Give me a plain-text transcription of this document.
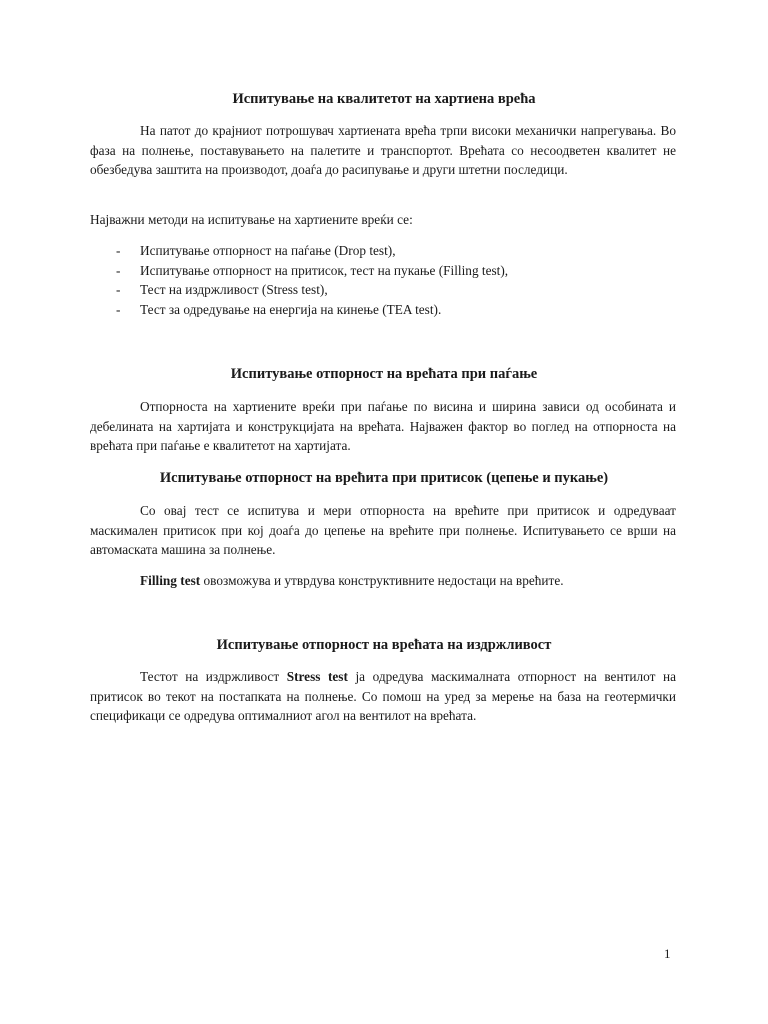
Испитување на квалитетот на хартиена врећа

На патот до крајниот потрошувач хартиената врећа трпи високи механички напрегувања. Во фаза на полнење, поставувањето на палетите и транспортот. Врећата со несоодветен квалитет не обезбедува заштита на производот, доаѓа до расипување и други штетни последици.

Најважни методи на испитување на хартиените вреќи се:

- Испитување отпорност на паѓање (Drop test),
- Испитување отпорност на притисок, тест на пукање (Filling test),
- Тест на издржливост (Stress test),
- Тест за одредување на енергија на кинење (TEA test).
Испитување отпорност на врећата при паѓање

Отпорноста на хартиените вреќи при паѓање по висина и ширина зависи од особината и дебелината на хартијата и конструкцијата на врећата. Најважен фактор во поглед на отпорноста на врећата при паѓање е квалитетот на хартијата.

Испитување отпорност на врећита при притисок (цепење и пукање)

Со овај тест се испитува и мери отпорноста на врећите при притисок и одредуваат маскимален притисок при кој доаѓа до цепење на врећите при полнење. Испитувањето се врши на автомаската машина за полнење.

Filling test овозможува и утврдува конструктивните недостаци на врећите.

Испитување отпорност на врећата на издржливост

Тестот на издржливост Stress test ја одредува маскималната отпорност на вентилот на притисок во текот на постапката на полнење. Со помош на уред за мерење на база на геотермички спецификаци се одредува оптималниот агол на вентилот на врећата.

1
